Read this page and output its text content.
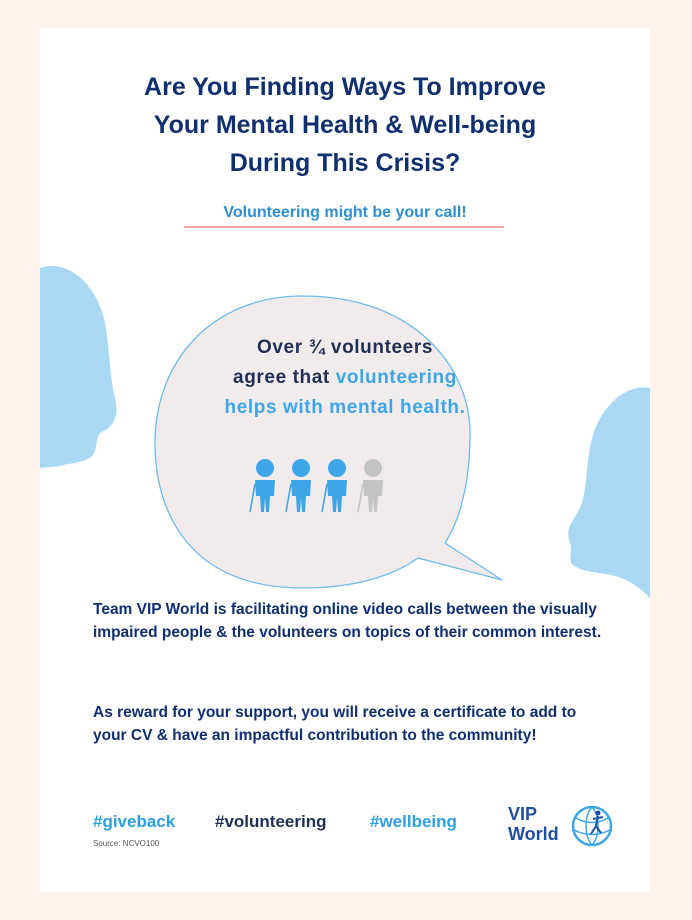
Are You Finding Ways To Improve
Your Mental Health & Well-being
During This Crisis?
Volunteering might be your call!
Over ¾ volunteers
agree that volunteering
helps with mental health.

Team VIP World is facilitating online video calls between the visually impaired people & the volunteers on topics of their common interest.

As reward for your support, you will receive a certificate to add to your CV & have an impactful contribution to the community!

#giveback #volunteering	#wellbeing
Source: NCVO100
VIP
World
